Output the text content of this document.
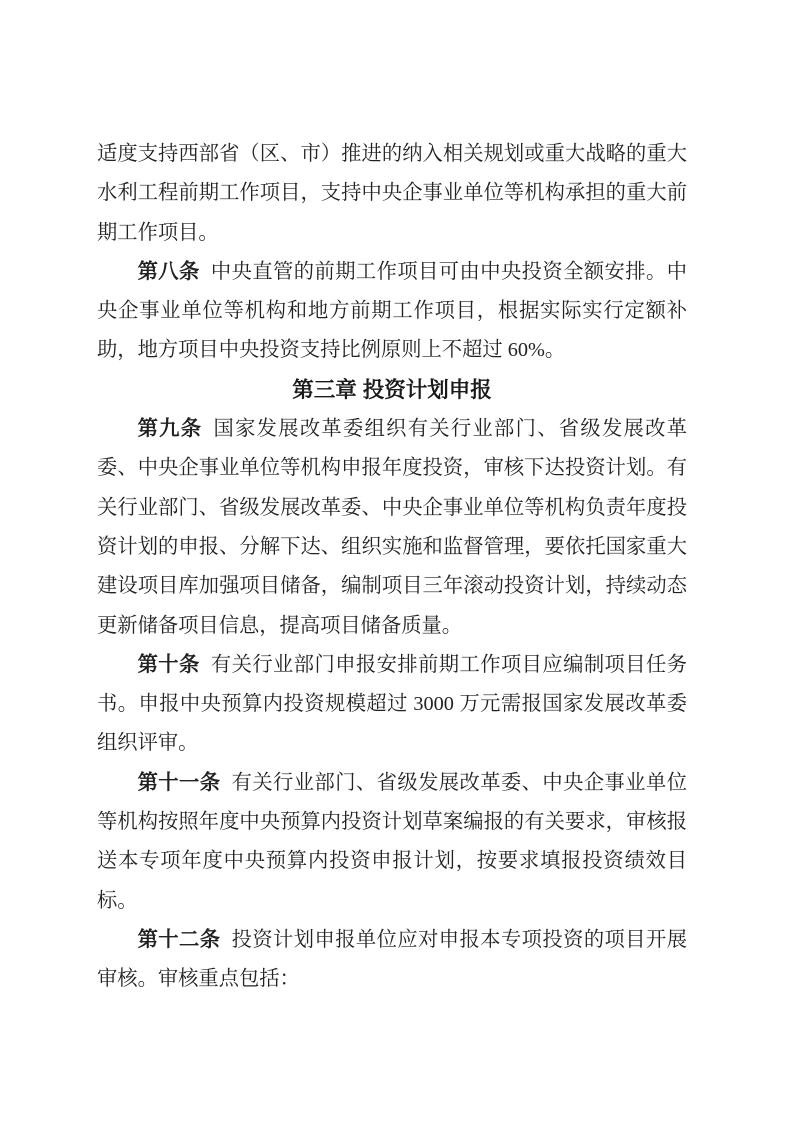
适度支持西部省（区、市）推进的纳入相关规划或重大战略的重大水利工程前期工作项目，支持中央企事业单位等机构承担的重大前期工作项目。

第八条 中央直管的前期工作项目可由中央投资全额安排。中央企事业单位等机构和地方前期工作项目，根据实际实行定额补助，地方项目中央投资支持比例原则上不超过 60%。

第三章 投资计划申报

第九条 国家发展改革委组织有关行业部门、省级发展改革委、中央企事业单位等机构申报年度投资，审核下达投资计划。有关行业部门、省级发展改革委、中央企事业单位等机构负责年度投资计划的申报、分解下达、组织实施和监督管理，要依托国家重大建设项目库加强项目储备，编制项目三年滚动投资计划，持续动态更新储备项目信息，提高项目储备质量。

第十条 有关行业部门申报安排前期工作项目应编制项目任务书。申报中央预算内投资规模超过 3000 万元需报国家发展改革委组织评审。

第十一条 有关行业部门、省级发展改革委、中央企事业单位等机构按照年度中央预算内投资计划草案编报的有关要求，审核报送本专项年度中央预算内投资申报计划，按要求填报投资绩效目标。

第十二条 投资计划申报单位应对申报本专项投资的项目开展审核。审核重点包括：
